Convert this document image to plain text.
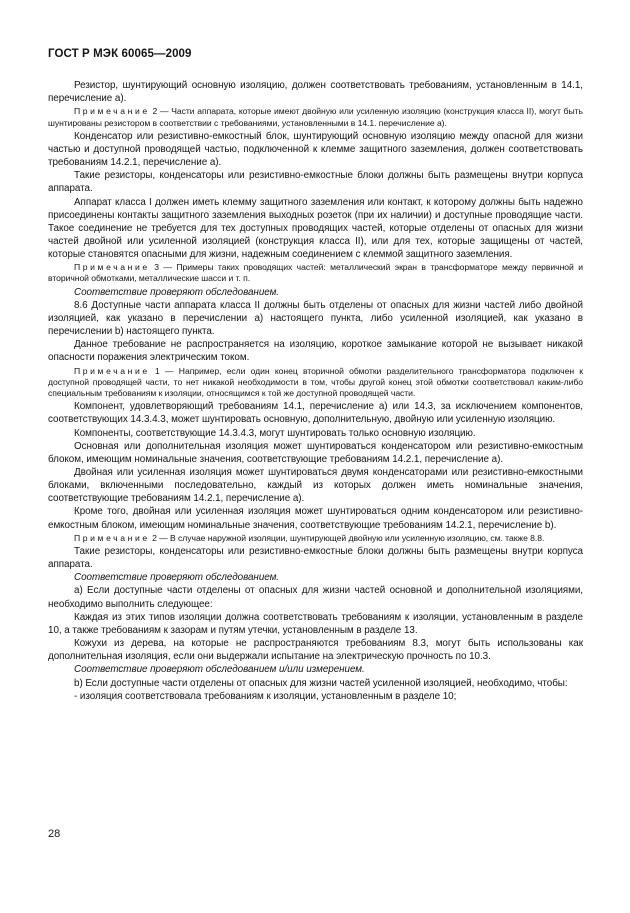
ГОСТ Р МЭК 60065—2009

Резистор, шунтирующий основную изоляцию, должен соответствовать требованиям, установленным в 14.1, перечисление а).

Примечание 2 — Части аппарата, которые имеют двойную или усиленную изоляцию (конструкция класса II), могут быть шунтированы резистором в соответствии с требованиями, установленными в 14.1. перечисление а).

Конденсатор или резистивно-емкостный блок, шунтирующий основную изоляцию между опасной для жизни частью и доступной проводящей частью, подключенной к клемме защитного заземления, должен соответствовать требованиям 14.2.1, перечисление а).

Такие резисторы, конденсаторы или резистивно-емкостные блоки должны быть размещены внутри корпуса аппарата.

Аппарат класса I должен иметь клемму защитного заземления или контакт, к которому должны быть надежно присоединены контакты защитного заземления выходных розеток (при их наличии) и доступные проводящие части. Такое соединение не требуется для тех доступных проводящих частей, которые отделены от опасных для жизни частей двойной или усиленной изоляцией (конструкция класса II), или для тех, которые защищены от частей, которые становятся опасными для жизни, надежным соединением с клеммой защитного заземления.

Примечание 3 — Примеры таких проводящих частей: металлический экран в трансформаторе между первичной и вторичной обмотками, металлические шасси и т. п.

Соответствие проверяют обследованием.

8.6 Доступные части аппарата класса II должны быть отделены от опасных для жизни частей либо двойной изоляцией, как указано в перечислении а) настоящего пункта, либо усиленной изоляцией, как указано в перечислении b) настоящего пункта.

Данное требование не распространяется на изоляцию, короткое замыкание которой не вызывает никакой опасности поражения электрическим током.

Примечание 1 — Например, если один конец вторичной обмотки разделительного трансформатора подключен к доступной проводящей части, то нет никакой необходимости в том, чтобы другой конец этой обмотки соответствовал каким-либо специальным требованиям к изоляции, относящимся к той же доступной проводящей части.

Компонент, удовлетворяющий требованиям 14.1, перечисление а) или 14.3, за исключением компонентов, соответствующих 14.3.4.3, может шунтировать основную, дополнительную, двойную или усиленную изоляцию.

Компоненты, соответствующие 14.3.4.3, могут шунтировать только основную изоляцию.

Основная или дополнительная изоляция может шунтироваться конденсатором или резистивно-емкостным блоком, имеющим номинальные значения, соответствующие требованиям 14.2.1, перечисление а).

Двойная или усиленная изоляция может шунтироваться двумя конденсаторами или резистивно-емкостными блоками, включенными последовательно, каждый из которых должен иметь номинальные значения, соответствующие требованиям 14.2.1, перечисление а).

Кроме того, двойная или усиленная изоляция может шунтироваться одним конденсатором или резистивно-емкостным блоком, имеющим номинальные значения, соответствующие требованиям 14.2.1, перечисление b).

Примечание 2 — В случае наружной изоляции, шунтирующей двойную или усиленную изоляцию, см. также 8.8.

Такие резисторы, конденсаторы или резистивно-емкостные блоки должны быть размещены внутри корпуса аппарата.

Соответствие проверяют обследованием.

а) Если доступные части отделены от опасных для жизни частей основной и дополнительной изоляциями, необходимо выполнить следующее:

Каждая из этих типов изоляции должна соответствовать требованиям к изоляции, установленным в разделе 10, а также требованиям к зазорам и путям утечки, установленным в разделе 13.

Кожухи из дерева, на которые не распространяются требованиям 8.3, могут быть использованы как дополнительная изоляция, если они выдержали испытание на электрическую прочность по 10.3.

Соответствие проверяют обследованием и/или измерением.

b) Если доступные части отделены от опасных для жизни частей усиленной изоляцией, необходимо, чтобы:

- изоляция соответствовала требованиям к изоляции, установленным в разделе 10;

28
